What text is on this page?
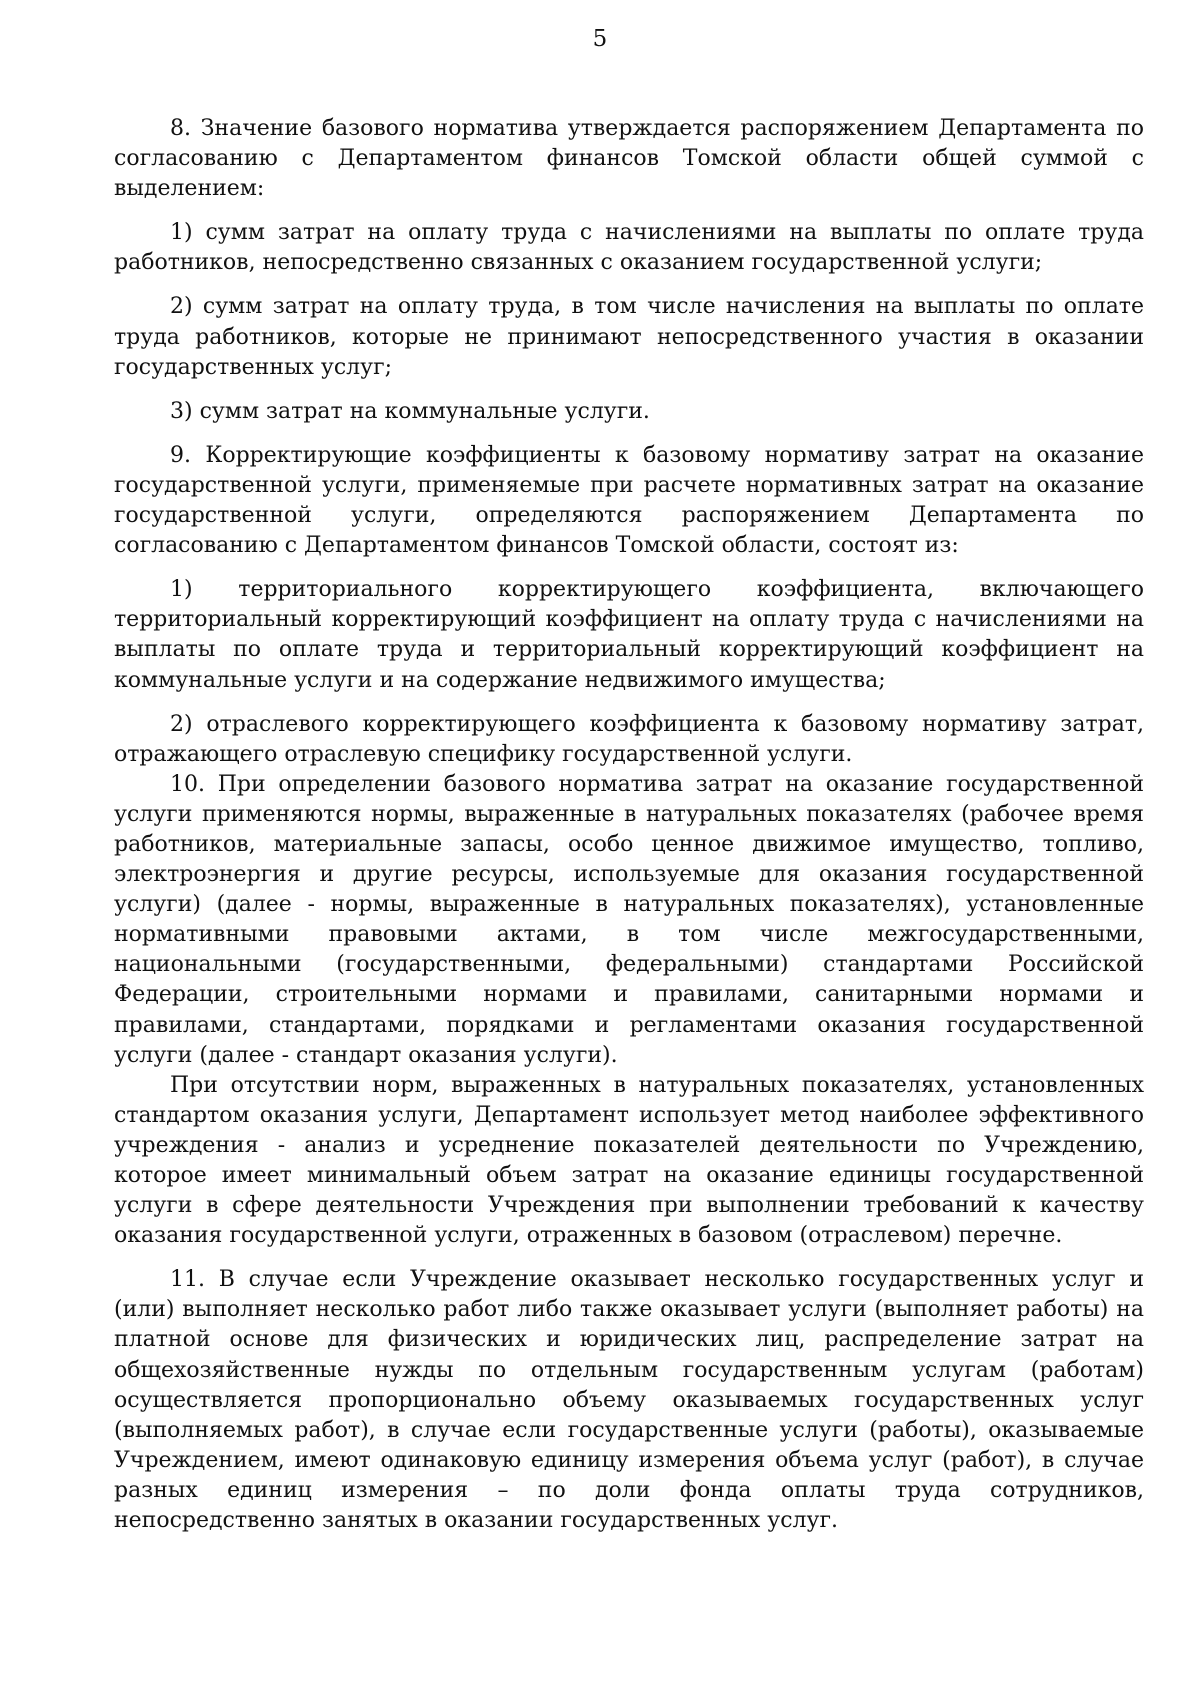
5

8. Значение базового норматива утверждается распоряжением Департамента по согласованию с Департаментом финансов Томской области общей суммой с выделением:

1) сумм затрат на оплату труда с начислениями на выплаты по оплате труда работников, непосредственно связанных с оказанием государственной услуги;

2) сумм затрат на оплату труда, в том числе начисления на выплаты по оплате труда работников, которые не принимают непосредственного участия в оказании государственных услуг;

3) сумм затрат на коммунальные услуги.

9. Корректирующие коэффициенты к базовому нормативу затрат на оказание государственной услуги, применяемые при расчете нормативных затрат на оказание государственной услуги, определяются распоряжением Департамента по согласованию с Департаментом финансов Томской области, состоят из:

1) территориального корректирующего коэффициента, включающего территориальный корректирующий коэффициент на оплату труда с начислениями на выплаты по оплате труда и территориальный корректирующий коэффициент на коммунальные услуги и на содержание недвижимого имущества;

2) отраслевого корректирующего коэффициента к базовому нормативу затрат, отражающего отраслевую специфику государственной услуги.

10. При определении базового норматива затрат на оказание государственной услуги применяются нормы, выраженные в натуральных показателях (рабочее время работников, материальные запасы, особо ценное движимое имущество, топливо, электроэнергия и другие ресурсы, используемые для оказания государственной услуги) (далее - нормы, выраженные в натуральных показателях), установленные нормативными правовыми актами, в том числе межгосударственными, национальными (государственными, федеральными) стандартами Российской Федерации, строительными нормами и правилами, санитарными нормами и правилами, стандартами, порядками и регламентами оказания государственной услуги (далее - стандарт оказания услуги).

При отсутствии норм, выраженных в натуральных показателях, установленных стандартом оказания услуги, Департамент использует метод наиболее эффективного учреждения - анализ и усреднение показателей деятельности по Учреждению, которое имеет минимальный объем затрат на оказание единицы государственной услуги в сфере деятельности Учреждения при выполнении требований к качеству оказания государственной услуги, отраженных в базовом (отраслевом) перечне.

11. В случае если Учреждение оказывает несколько государственных услуг и (или) выполняет несколько работ либо также оказывает услуги (выполняет работы) на платной основе для физических и юридических лиц, распределение затрат на общехозяйственные нужды по отдельным государственным услугам (работам) осуществляется пропорционально объему оказываемых государственных услуг (выполняемых работ), в случае если государственные услуги (работы), оказываемые Учреждением, имеют одинаковую единицу измерения объема услуг (работ), в случае разных единиц измерения – по доли фонда оплаты труда сотрудников, непосредственно занятых в оказании государственных услуг.
